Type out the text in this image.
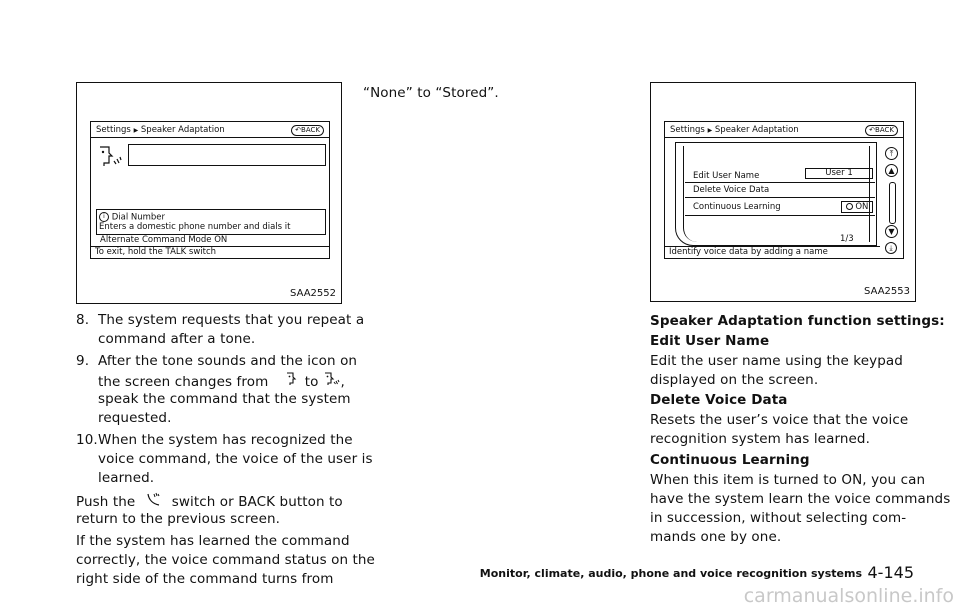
Settings ▶ Speaker Adaptation	↶BACK
i Dial Number
Enters a domestic phone number and dials it
Alternate Command Mode ON
To exit, hold the TALK switch
SAA2552
8. The system requests that you repeat a
command after a tone.
9. After the tone sounds and the icon on
the screen changes from	to ,
speak the command that the system
requested.
10. When the system has recognized the
voice command, the voice of the user is
learned.
Push the	switch or BACK button to
return to the previous screen.
If the system has learned the command
correctly, the voice command status on the
right side of the command turns from
“None” to “Stored”.
Settings ▶ Speaker Adaptation	↶BACK
Edit User Name	User 1
Delete Voice Data
Continuous Learning	ON
1/3
⤒
▲
▼
⤓
Identify voice data by adding a name
SAA2553
Speaker Adaptation function settings:
Edit User Name
Edit the user name using the keypad
displayed on the screen.
Delete Voice Data
Resets the user’s voice that the voice
recognition system has learned.
Continuous Learning
When this item is turned to ON, you can
have the system learn the voice commands
in succession, without selecting com-
mands one by one.
Monitor, climate, audio, phone and voice recognition systems 4-145
carmanualsonline.info
